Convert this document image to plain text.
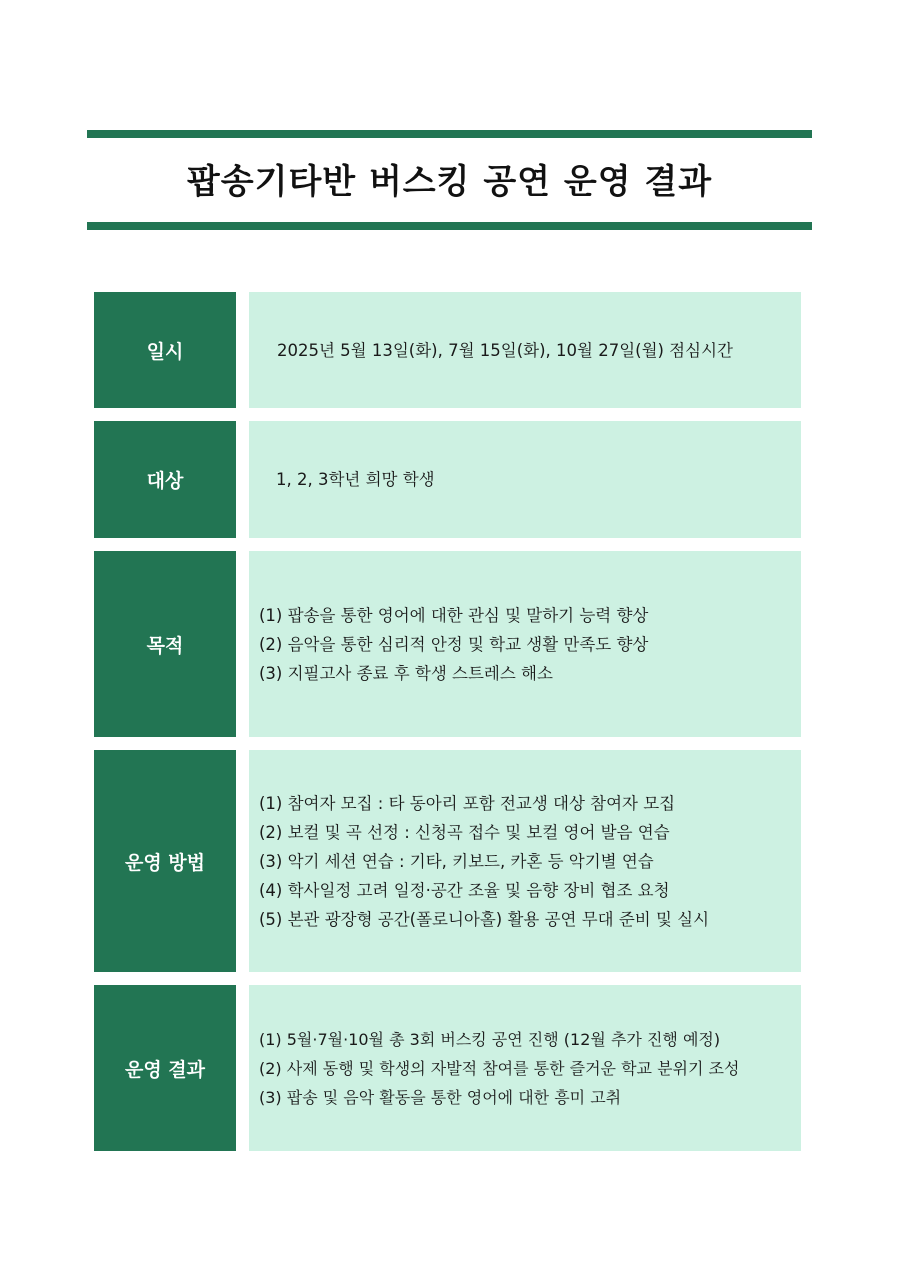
팝송기타반 버스킹 공연 운영 결과
일시	2025년 5월 13일(화), 7월 15일(화), 10월 27일(월) 점심시간
대상	1, 2, 3학년 희망 학생
목적
(1) 팝송을 통한 영어에 대한 관심 및 말하기 능력 향상
(2) 음악을 통한 심리적 안정 및 학교 생활 만족도 향상
(3) 지필고사 종료 후 학생 스트레스 해소
운영 방법
(1) 참여자 모집 : 타 동아리 포함 전교생 대상 참여자 모집
(2) 보컬 및 곡 선정 : 신청곡 접수 및 보컬 영어 발음 연습
(3) 악기 세션 연습 : 기타, 키보드, 카혼 등 악기별 연습
(4) 학사일정 고려 일정·공간 조율 및 음향 장비 협조 요청
(5) 본관 광장형 공간(폴로니아홀) 활용 공연 무대 준비 및 실시
운영 결과
(1) 5월·7월·10월 총 3회 버스킹 공연 진행 (12월 추가 진행 예정)
(2) 사제 동행 및 학생의 자발적 참여를 통한 즐거운 학교 분위기 조성
(3) 팝송 및 음악 활동을 통한 영어에 대한 흥미 고취
